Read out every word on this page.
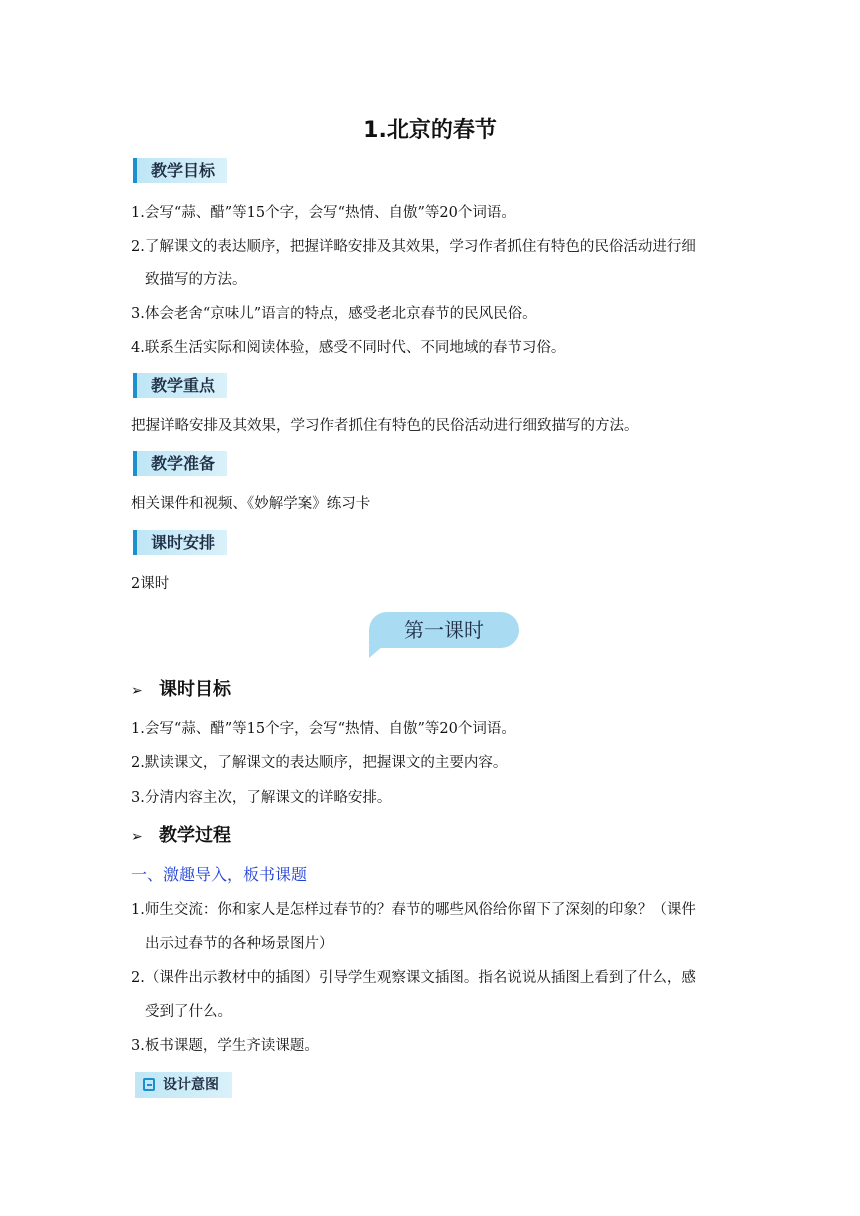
1.北京的春节
教学目标
1.会写“蒜、醋”等15个字，会写“热情、自傲”等20个词语。
2.了解课文的表达顺序，把握详略安排及其效果，学习作者抓住有特色的民俗活动进行细
致描写的方法。
3.体会老舍“京味儿”语言的特点，感受老北京春节的民风民俗。
4.联系生活实际和阅读体验，感受不同时代、不同地域的春节习俗。
教学重点
把握详略安排及其效果，学习作者抓住有特色的民俗活动进行细致描写的方法。
教学准备
相关课件和视频、《妙解学案》练习卡
课时安排
2课时
第一课时
➢ 课时目标
1.会写“蒜、醋”等15个字，会写“热情、自傲”等20个词语。
2.默读课文，了解课文的表达顺序，把握课文的主要内容。
3.分清内容主次，了解课文的详略安排。
➢ 教学过程
一、激趣导入，板书课题
1.师生交流：你和家人是怎样过春节的？春节的哪些风俗给你留下了深刻的印象？（课件
出示过春节的各种场景图片）
2.（课件出示教材中的插图）引导学生观察课文插图。指名说说从插图上看到了什么，感
受到了什么。
3.板书课题，学生齐读课题。
设计意图
